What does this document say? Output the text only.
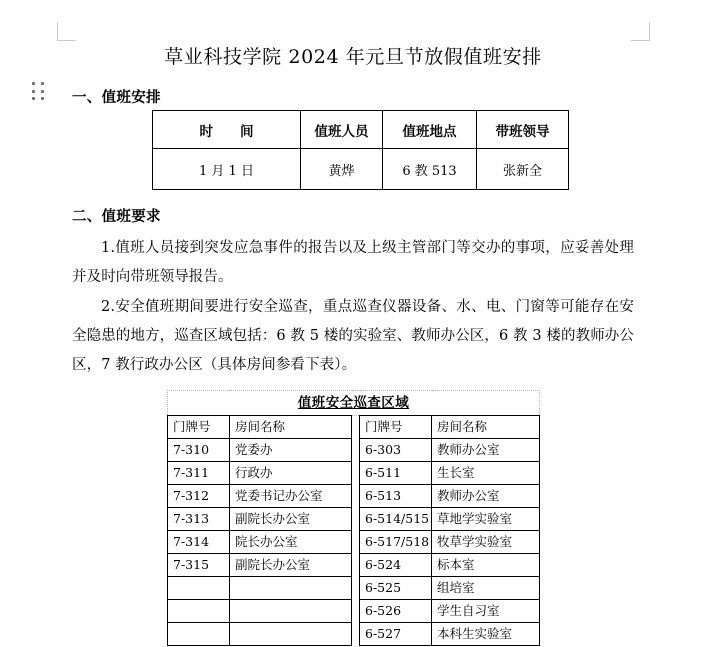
草业科技学院 2024 年元旦节放假值班安排
一、值班安排
时　　间	值班人员	值班地点	带班领导
1 月 1 日	黄烨	6 教 513	张新全
二、值班要求
1.值班人员接到突发应急事件的报告以及上级主管部门等交办的事项，应妥善处理并及时向带班领导报告。
2.安全值班期间要进行安全巡查，重点巡查仪器设备、水、电、门窗等可能存在安全隐患的地方，巡查区域包括：6 教 5 楼的实验室、教师办公区，6 教 3 楼的教师办公区，7 教行政办公区（具体房间参看下表）。
值班安全巡查区域				
门牌号	房间名称		门牌号	房间名称
7-310	党委办		6-303	教师办公室
7-311	行政办		6-511	生长室
7-312	党委书记办公室		6-513	教师办公室
7-313	副院长办公室		6-514/515	草地学实验室
7-314	院长办公室		6-517/518	牧草学实验室
7-315	副院长办公室		6-524	标本室
			6-525	组培室
			6-526	学生自习室
			6-527	本科生实验室
